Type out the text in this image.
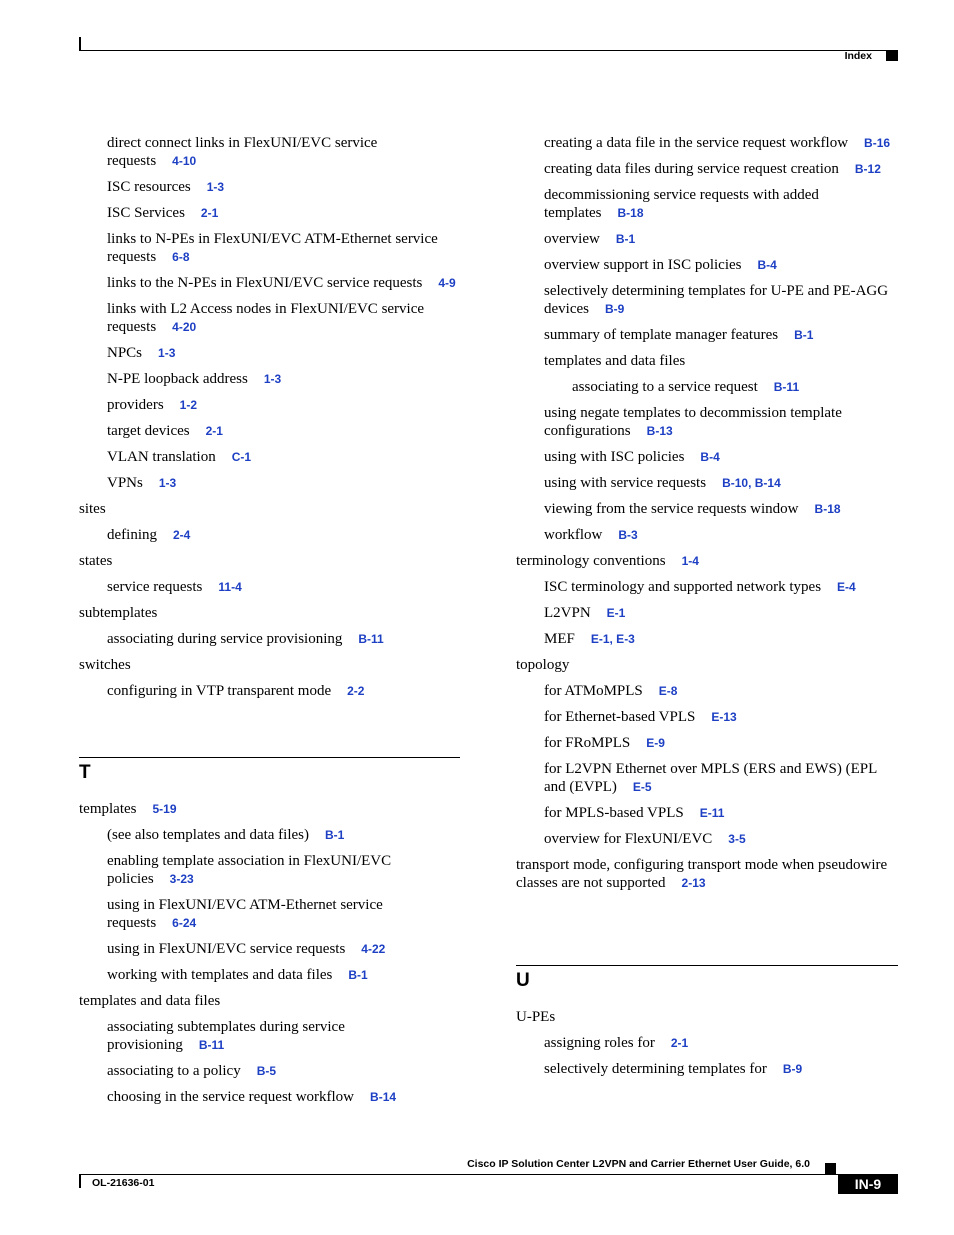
Index
direct connect links in FlexUNI/EVC service requests 4-10
ISC resources 1-3
ISC Services 2-1
links to N-PEs in FlexUNI/EVC ATM-Ethernet service requests 6-8
links to the N-PEs in FlexUNI/EVC service requests 4-9
links with L2 Access nodes in FlexUNI/EVC service requests 4-20
NPCs 1-3
N-PE loopback address 1-3
providers 1-2
target devices 2-1
VLAN translation C-1
VPNs 1-3
sites
defining 2-4
states
service requests 11-4
subtemplates
associating during service provisioning B-11
switches
configuring in VTP transparent mode 2-2
T
templates 5-19
(see also templates and data files) B-1
enabling template association in FlexUNI/EVC policies 3-23
using in FlexUNI/EVC ATM-Ethernet service requests 6-24
using in FlexUNI/EVC service requests 4-22
working with templates and data files B-1
templates and data files
associating subtemplates during service provisioning B-11
associating to a policy B-5
choosing in the service request workflow B-14
creating a data file in the service request workflow B-16
creating data files during service request creation B-12
decommissioning service requests with added templates B-18
overview B-1
overview support in ISC policies B-4
selectively determining templates for U-PE and PE-AGG devices B-9
summary of template manager features B-1
templates and data files
associating to a service request B-11
using negate templates to decommission template configurations B-13
using with ISC policies B-4
using with service requests B-10, B-14
viewing from the service requests window B-18
workflow B-3
terminology conventions 1-4
ISC terminology and supported network types E-4
L2VPN E-1
MEF E-1, E-3
topology
for ATMoMPLS E-8
for Ethernet-based VPLS E-13
for FRoMPLS E-9
for L2VPN Ethernet over MPLS (ERS and EWS) (EPL and (EVPL) E-5
for MPLS-based VPLS E-11
overview for FlexUNI/EVC 3-5
transport mode, configuring transport mode when pseudowire classes are not supported 2-13
U
U-PEs
assigning roles for 2-1
selectively determining templates for B-9
Cisco IP Solution Center L2VPN and Carrier Ethernet User Guide, 6.0
OL-21636-01	IN-9
